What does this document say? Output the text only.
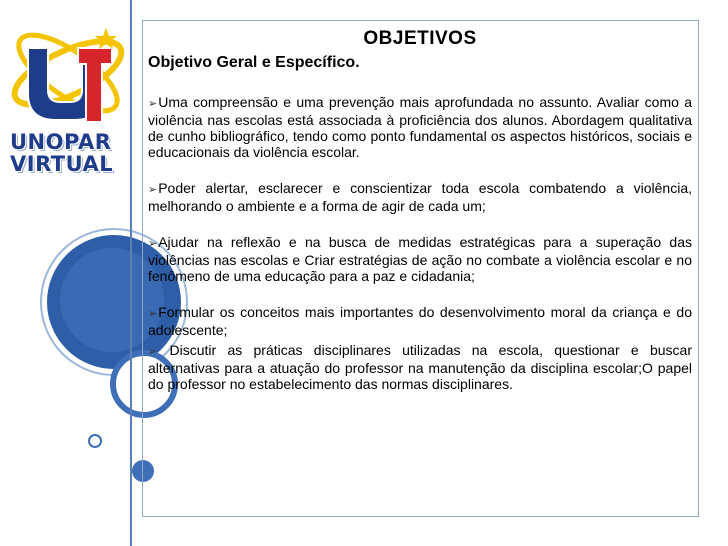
UNOPAR
VIRTUAL
OBJETIVOS
Objetivo Geral e Específico.
➢Uma compreensão e uma prevenção mais aprofundada no assunto. Avaliar como a violência nas escolas está associada à proficiência dos alunos. Abordagem qualitativa de cunho bibliográfico, tendo como ponto fundamental os aspectos históricos, sociais e educacionais da violência escolar.
➢Poder alertar, esclarecer e conscientizar toda escola combatendo a violência, melhorando o ambiente e a forma de agir de cada um;
➢Ajudar na reflexão e na busca de medidas estratégicas para a superação das violências nas escolas e Criar estratégias de ação no combate a violência escolar e no fenômeno de uma educação para a paz e cidadania;
➢Formular os conceitos mais importantes do desenvolvimento moral da criança e do adolescente;
➢ Discutir as práticas disciplinares utilizadas na escola, questionar e buscar alternativas para a atuação do professor na manutenção da disciplina escolar;O papel do professor no estabelecimento das normas disciplinares.
